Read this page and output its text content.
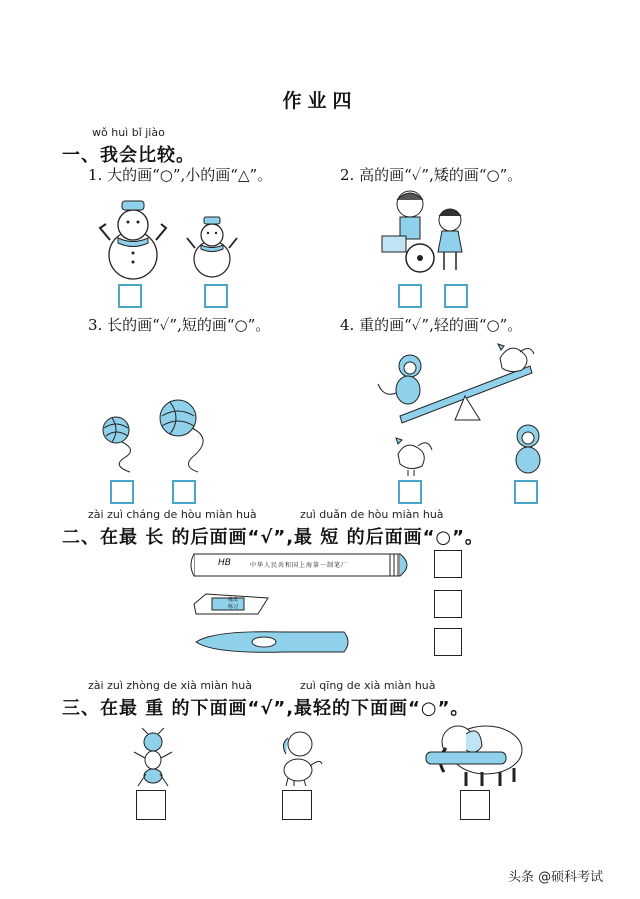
作业四
wǒ huì bǐ jiào
一、我会比较。
1. 大的画“○”,小的画“△”。	2. 高的画“✓”,矮的画“○”。
3. 长的画“✓”,短的画“○”。	4. 重的画“✓”,轻的画“○”。
zài zuì cháng de hòu miàn huà	zuì duǎn de hòu miàn huà
二、在最 长 的后面画“√”,最 短 的后面画“○”。
HB	中华人民共和国上海第一制笔厂
橡皮
练习
zài zuì zhòng de xià miàn huà	zuì qīng de xià miàn huà
三、在最 重 的下面画“√”,最轻的下面画“○”。
头条 @硕科考试
